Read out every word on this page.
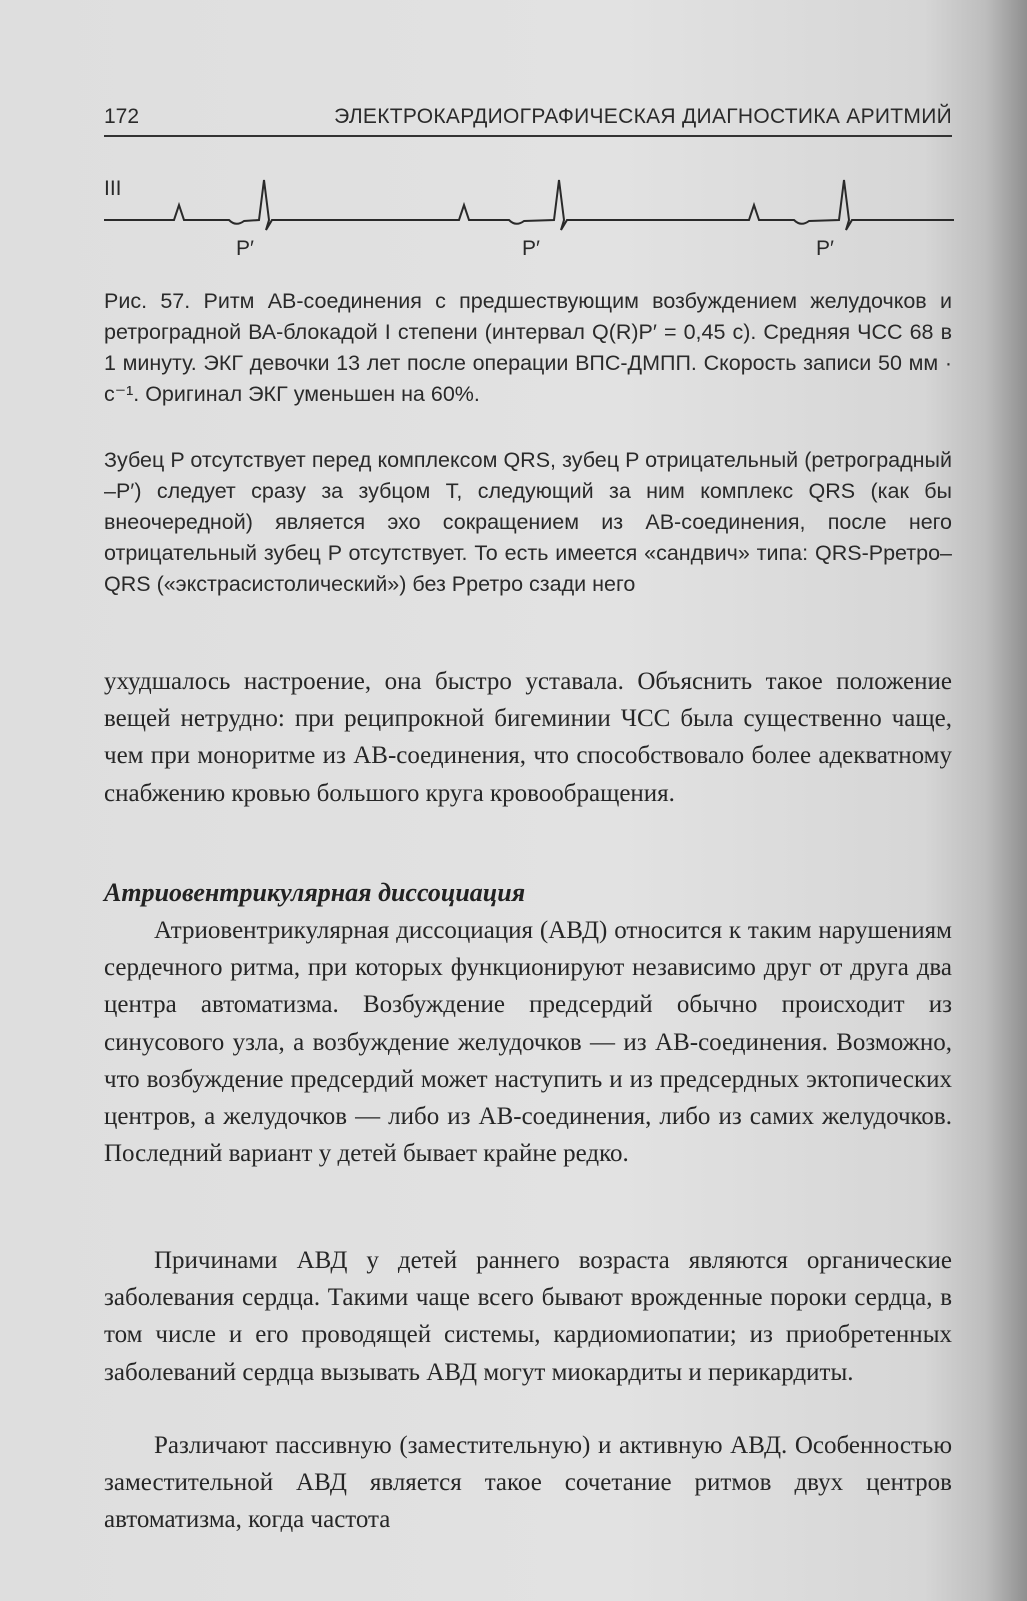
172	ЭЛЕКТРОКАРДИОГРАФИЧЕСКАЯ ДИАГНОСТИКА АРИТМИЙ
III
P′	P′	P′

Рис. 57. Ритм АВ-соединения с предшествующим возбуждением желудочков и ретроградной ВА-блокадой I степени (интервал Q(R)P′ = 0,45 с). Средняя ЧСС 68 в 1 минуту. ЭКГ девочки 13 лет после операции ВПС-ДМПП. Скорость записи 50 мм · с⁻¹. Оригинал ЭКГ уменьшен на 60%.

Зубец P отсутствует перед комплексом QRS, зубец P отрицательный (ретроградный –P′) следует сразу за зубцом T, следующий за ним комплекс QRS (как бы внеочередной) является эхо сокращением из АВ-соединения, после него отрицательный зубец P отсутствует. То есть имеется «сандвич» типа: QRS-Pретро–QRS («экстрасистолический») без Pретро сзади него

ухудшалось настроение, она быстро уставала. Объяснить такое положение вещей нетрудно: при реципрокной бигеминии ЧСС была существенно чаще, чем при моноритме из АВ-соединения, что способствовало более адекватному снабжению кровью большого круга кровообращения.

Атриовентрикулярная диссоциация

Атриовентрикулярная диссоциация (АВД) относится к таким нарушениям сердечного ритма, при которых функционируют независимо друг от друга два центра автоматизма. Возбуждение предсердий обычно происходит из синусового узла, а возбуждение желудочков — из АВ-соединения. Возможно, что возбуждение предсердий может наступить и из предсердных эктопических центров, а желудочков — либо из АВ-соединения, либо из самих желудочков. Последний вариант у детей бывает крайне редко.

Причинами АВД у детей раннего возраста являются органические заболевания сердца. Такими чаще всего бывают врожденные пороки сердца, в том числе и его проводящей системы, кардиомиопатии; из приобретенных заболеваний сердца вызывать АВД могут миокардиты и перикардиты.

Различают пассивную (заместительную) и активную АВД. Особенностью заместительной АВД является такое сочетание ритмов двух центров автоматизма, когда частота
